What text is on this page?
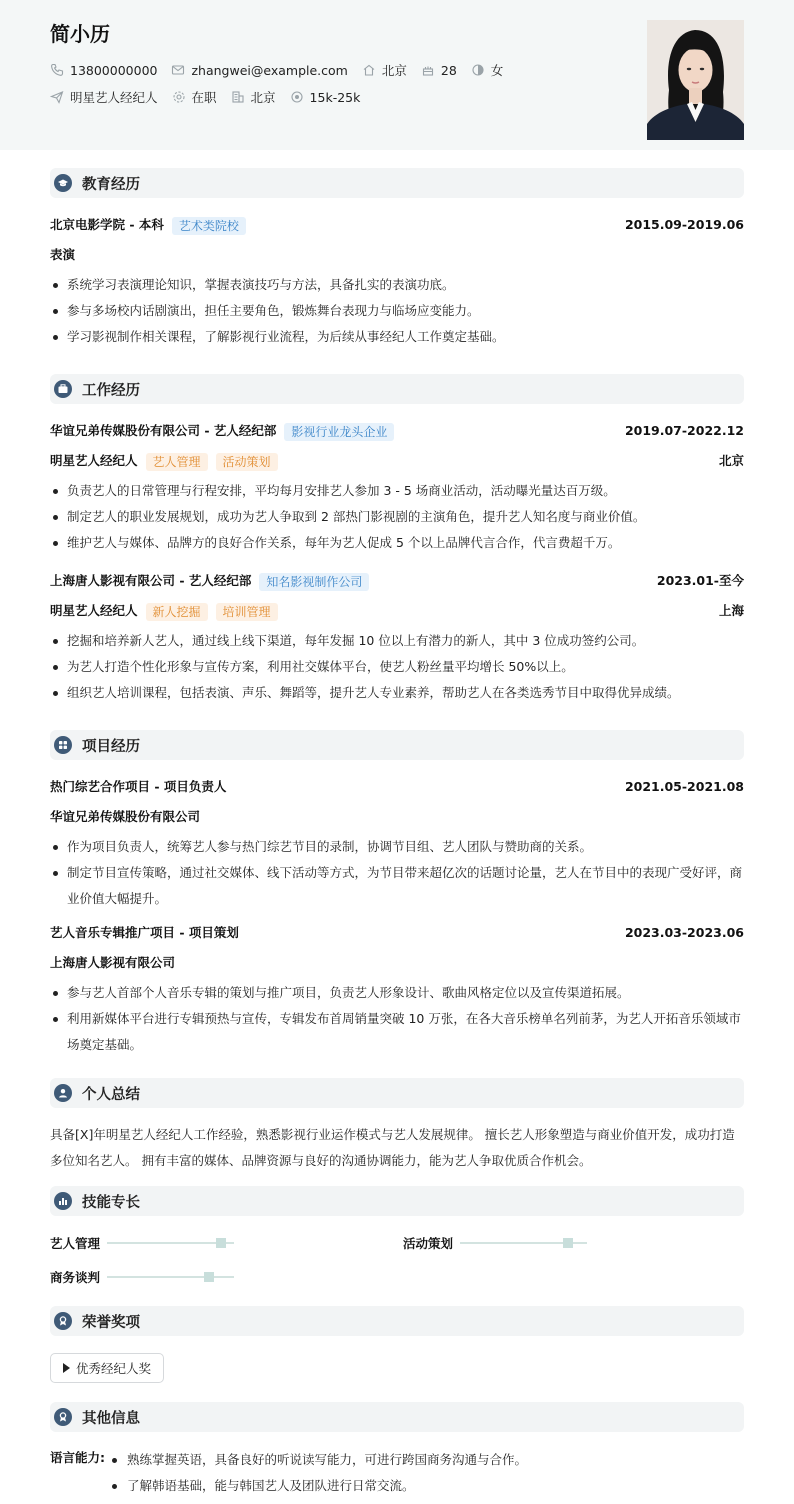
简小历
13800000000	zhangwei@example.com	北京	28	女
明星艺人经纪人	在职	北京	15k-25k
教育经历
北京电影学院 - 本科 艺术类院校	2015.09-2019.06
表演
系统学习表演理论知识，掌握表演技巧与方法，具备扎实的表演功底。
参与多场校内话剧演出，担任主要角色，锻炼舞台表现力与临场应变能力。
学习影视制作相关课程，了解影视行业流程，为后续从事经纪人工作奠定基础。
工作经历
华谊兄弟传媒股份有限公司 - 艺人经纪部 影视行业龙头企业	2019.07-2022.12
明星艺人经纪人 艺人管理 活动策划	北京
负责艺人的日常管理与行程安排，平均每月安排艺人参加 3 - 5 场商业活动，活动曝光量达百万级。
制定艺人的职业发展规划，成功为艺人争取到 2 部热门影视剧的主演角色，提升艺人知名度与商业价值。
维护艺人与媒体、品牌方的良好合作关系，每年为艺人促成 5 个以上品牌代言合作，代言费超千万。
上海唐人影视有限公司 - 艺人经纪部 知名影视制作公司	2023.01-至今
明星艺人经纪人 新人挖掘 培训管理	上海
挖掘和培养新人艺人，通过线上线下渠道，每年发掘 10 位以上有潜力的新人，其中 3 位成功签约公司。
为艺人打造个性化形象与宣传方案，利用社交媒体平台，使艺人粉丝量平均增长 50%以上。
组织艺人培训课程，包括表演、声乐、舞蹈等，提升艺人专业素养，帮助艺人在各类选秀节目中取得优异成绩。
项目经历
热门综艺合作项目 - 项目负责人	2021.05-2021.08
华谊兄弟传媒股份有限公司
作为项目负责人，统筹艺人参与热门综艺节目的录制，协调节目组、艺人团队与赞助商的关系。
制定节目宣传策略，通过社交媒体、线下活动等方式，为节目带来超亿次的话题讨论量，艺人在节目中的表现广受好评，商业价值大幅提升。
艺人音乐专辑推广项目 - 项目策划	2023.03-2023.06
上海唐人影视有限公司
参与艺人首部个人音乐专辑的策划与推广项目，负责艺人形象设计、歌曲风格定位以及宣传渠道拓展。
利用新媒体平台进行专辑预热与宣传，专辑发布首周销量突破 10 万张，在各大音乐榜单名列前茅，为艺人开拓音乐领域市场奠定基础。
个人总结
具备[X]年明星艺人经纪人工作经验，熟悉影视行业运作模式与艺人发展规律。 擅长艺人形象塑造与商业价值开发，成功打造多位知名艺人。 拥有丰富的媒体、品牌资源与良好的沟通协调能力，能为艺人争取优质合作机会。
技能专长
艺人管理	活动策划
商务谈判
荣誉奖项
优秀经纪人奖
其他信息
语言能力:	熟练掌握英语，具备良好的听说读写能力，可进行跨国商务沟通与合作。
了解韩语基础，能与韩国艺人及团队进行日常交流。
